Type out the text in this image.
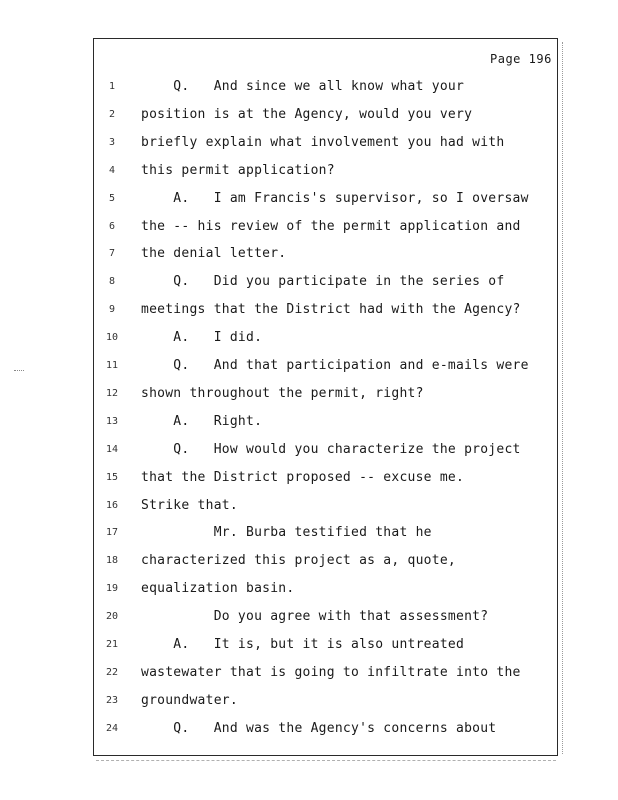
Page 196
1	Q.   And since we all know what your
2	position is at the Agency, would you very
3	briefly explain what involvement you had with
4	this permit application?
5	A.   I am Francis's supervisor, so I oversaw
6	the -- his review of the permit application and
7	the denial letter.
8	Q.   Did you participate in the series of
9	meetings that the District had with the Agency?
10	A.   I did.
11	Q.   And that participation and e-mails were
12	shown throughout the permit, right?
13	A.   Right.
14	Q.   How would you characterize the project
15	that the District proposed -- excuse me.
16	Strike that.
17	Mr. Burba testified that he
18	characterized this project as a, quote,
19	equalization basin.
20	Do you agree with that assessment?
21	A.   It is, but it is also untreated
22	wastewater that is going to infiltrate into the
23	groundwater.
24	Q.   And was the Agency's concerns about
